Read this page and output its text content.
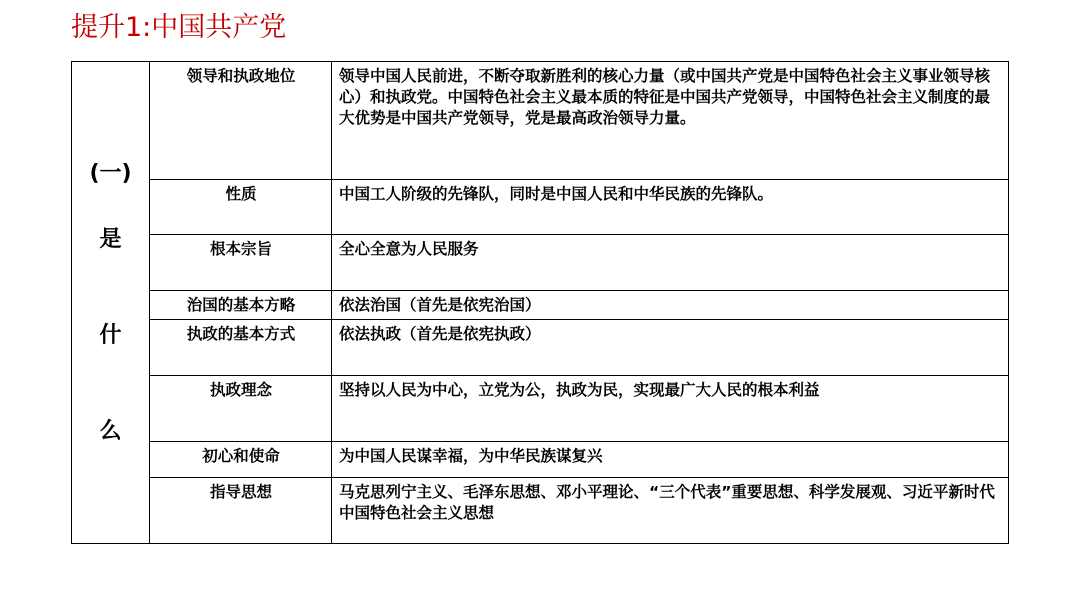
提升1:中国共产党
(一)
是
什
么	领导和执政地位	领导中国人民前进，不断夺取新胜利的核心力量（或中国共产党是中国特色社会主义事业领导核心）和执政党。中国特色社会主义最本质的特征是中国共产党领导，中国特色社会主义制度的最大优势是中国共产党领导，党是最高政治领导力量。
	性质	中国工人阶级的先锋队，同时是中国人民和中华民族的先锋队。
	根本宗旨	全心全意为人民服务
	治国的基本方略	依法治国（首先是依宪治国）
	执政的基本方式	依法执政（首先是依宪执政）
	执政理念	坚持以人民为中心，立党为公，执政为民，实现最广大人民的根本利益
	初心和使命	为中国人民谋幸福，为中华民族谋复兴
	指导思想	马克思列宁主义、毛泽东思想、邓小平理论、“三个代表”重要思想、科学发展观、习近平新时代中国特色社会主义思想
